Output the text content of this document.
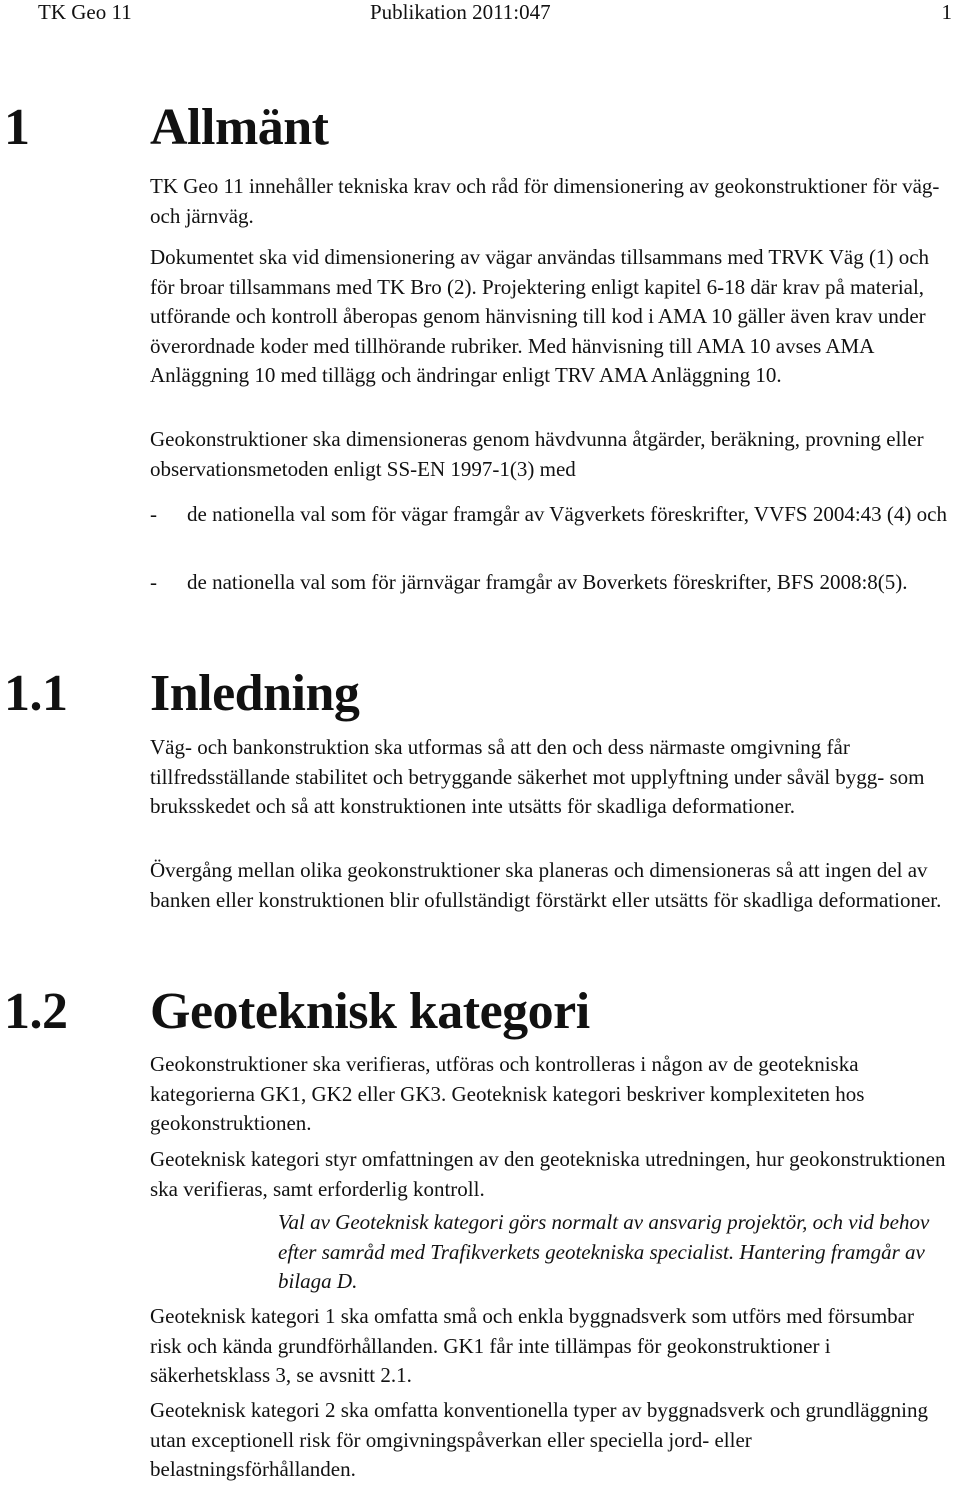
TK Geo 11	Publikation 2011:047	1
1 Allmänt

TK Geo 11 innehåller tekniska krav och råd för dimensionering av geokonstruktioner för väg- och järnväg.

Dokumentet ska vid dimensionering av vägar användas tillsammans med TRVK Väg (1) och för broar tillsammans med TK Bro (2). Projektering enligt kapitel 6-18 där krav på material, utförande och kontroll åberopas genom hänvisning till kod i AMA 10 gäller även krav under överordnade koder med tillhörande rubriker. Med hänvisning till AMA 10 avses AMA Anläggning 10 med tillägg och ändringar enligt TRV AMA Anläggning 10.

Geokonstruktioner ska dimensioneras genom hävdvunna åtgärder, beräkning, provning eller observationsmetoden enligt SS-EN 1997-1(3) med

- de nationella val som för vägar framgår av Vägverkets föreskrifter, VVFS 2004:43 (4) och
- de nationella val som för järnvägar framgår av Boverkets föreskrifter, BFS 2008:8(5).
1.1 Inledning

Väg- och bankonstruktion ska utformas så att den och dess närmaste omgivning får tillfredsställande stabilitet och betryggande säkerhet mot upplyftning under såväl bygg- som bruksskedet och så att konstruktionen inte utsätts för skadliga deformationer.

Övergång mellan olika geokonstruktioner ska planeras och dimensioneras så att ingen del av banken eller konstruktionen blir ofullständigt förstärkt eller utsätts för skadliga deformationer.

1.2 Geoteknisk kategori

Geokonstruktioner ska verifieras, utföras och kontrolleras i någon av de geotekniska kategorierna GK1, GK2 eller GK3. Geoteknisk kategori beskriver komplexiteten hos geokonstruktionen.

Geoteknisk kategori styr omfattningen av den geotekniska utredningen, hur geokonstruktionen ska verifieras, samt erforderlig kontroll.

Val av Geoteknisk kategori görs normalt av ansvarig projektör, och vid behov efter samråd med Trafikverkets geotekniska specialist. Hantering framgår av bilaga D.

Geoteknisk kategori 1 ska omfatta små och enkla byggnadsverk som utförs med försumbar risk och kända grundförhållanden. GK1 får inte tillämpas för geokonstruktioner i säkerhetsklass 3, se avsnitt 2.1.

Geoteknisk kategori 2 ska omfatta konventionella typer av byggnadsverk och grundläggning utan exceptionell risk för omgivningspåverkan eller speciella jord- eller belastningsförhållanden.
